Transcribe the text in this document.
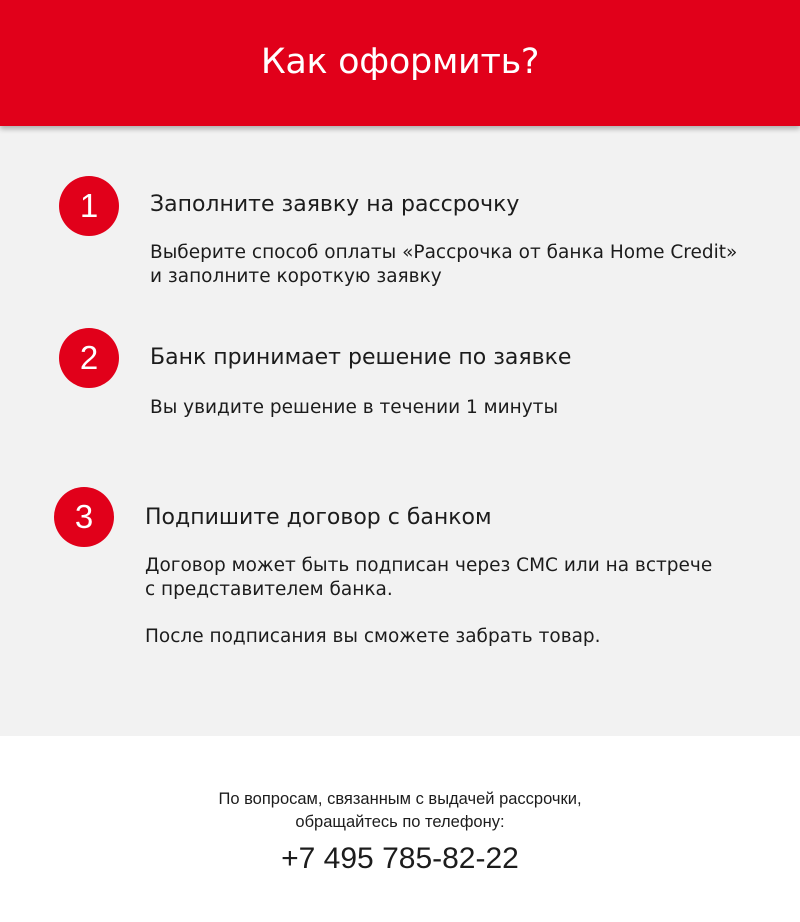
Как оформить?
1	Заполните заявку на рассрочку
Выберите способ оплаты «Рассрочка от банка Home Credit»
и заполните короткую заявку
2	Банк принимает решение по заявке
Вы увидите решение в течении 1 минуты
3	Подпишите договор с банком
Договор может быть подписан через СМС или на встрече
с представителем банка.
После подписания вы сможете забрать товар.
По вопросам, связанным с выдачей рассрочки,
обращайтесь по телефону:
+7 495 785-82-22
